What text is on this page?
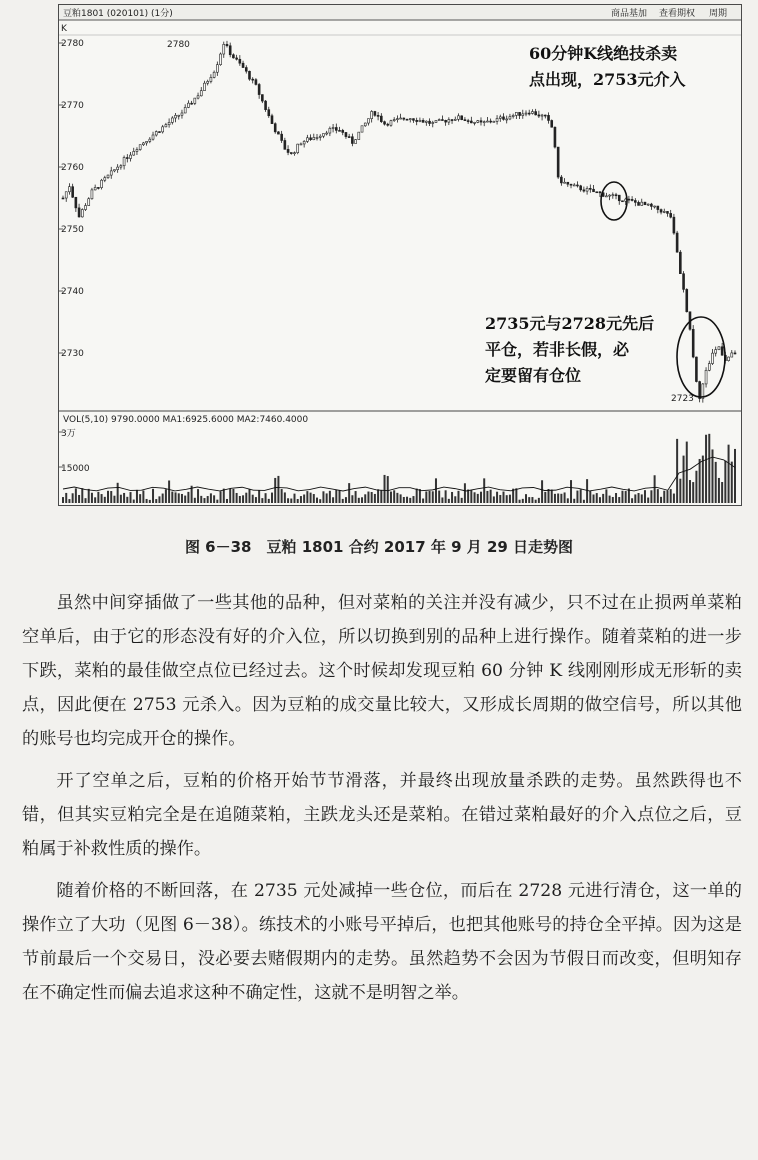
豆粕1801 (020101) (1分)	商品基加 查看期权 周期
K
2780
2770
2760
2750
2740
2730
2780
2723
VOL(5,10) 9790.0000 MA1:6925.6000 MA2:7460.4000
3万
15000
60分钟K线绝技杀卖
点出现，2753元介入
2735元与2728元先后
平仓，若非长假，必
定要留有仓位
图 6－38　豆粕 1801 合约 2017 年 9 月 29 日走势图

虽然中间穿插做了一些其他的品种，但对菜粕的关注并没有减少，只不过在止损两单菜粕空单后，由于它的形态没有好的介入位，所以切换到别的品种上进行操作。随着菜粕的进一步下跌，菜粕的最佳做空点位已经过去。这个时候却发现豆粕 60 分钟 K 线刚刚形成无形斩的卖点，因此便在 2753 元杀入。因为豆粕的成交量比较大，又形成长周期的做空信号，所以其他的账号也均完成开仓的操作。

开了空单之后，豆粕的价格开始节节滑落，并最终出现放量杀跌的走势。虽然跌得也不错，但其实豆粕完全是在追随菜粕，主跌龙头还是菜粕。在错过菜粕最好的介入点位之后，豆粕属于补救性质的操作。

随着价格的不断回落，在 2735 元处减掉一些仓位，而后在 2728 元进行清仓，这一单的操作立了大功（见图 6－38）。练技术的小账号平掉后，也把其他账号的持仓全平掉。因为这是节前最后一个交易日，没必要去赌假期内的走势。虽然趋势不会因为节假日而改变，但明知存在不确定性而偏去追求这种不确定性，这就不是明智之举。
